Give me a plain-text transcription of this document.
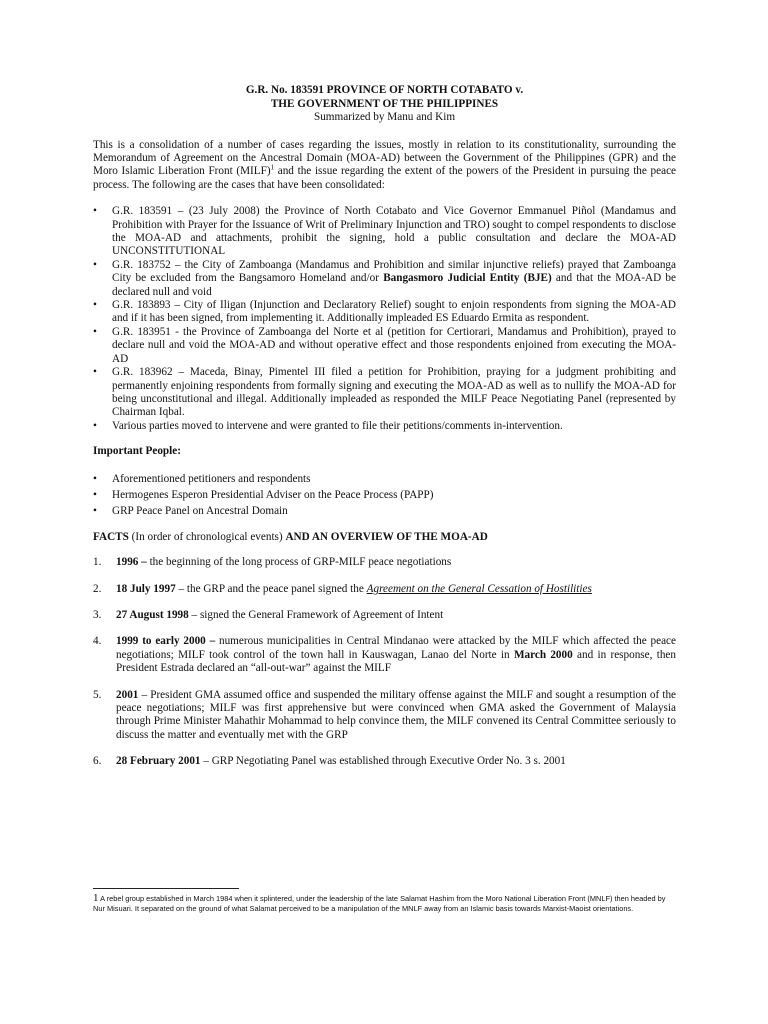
G.R. No. 183591 PROVINCE OF NORTH COTABATO v.
THE GOVERNMENT OF THE PHILIPPINES
Summarized by Manu and Kim

This is a consolidation of a number of cases regarding the issues, mostly in relation to its constitutionality, surrounding the Memorandum of Agreement on the Ancestral Domain (MOA-AD) between the Government of the Philippines (GPR) and the Moro Islamic Liberation Front (MILF)$^1$ and the issue regarding the extent of the powers of the President in pursuing the peace process. The following are the cases that have been consolidated:

• G.R. 183591 – (23 July 2008) the Province of North Cotabato and Vice Governor Emmanuel Piñol (Mandamus and Prohibition with Prayer for the Issuance of Writ of Preliminary Injunction and TRO) sought to compel respondents to disclose the MOA-AD and attachments, prohibit the signing, hold a public consultation and declare the MOA-AD UNCONSTITUTIONAL
• G.R. 183752 – the City of Zamboanga (Mandamus and Prohibition and similar injunctive reliefs) prayed that Zamboanga City be excluded from the Bangsamoro Homeland and/or Bangasmoro Judicial Entity (BJE) and that the MOA-AD be declared null and void
• G.R. 183893 – City of Iligan (Injunction and Declaratory Relief) sought to enjoin respondents from signing the MOA-AD and if it has been signed, from implementing it. Additionally impleaded ES Eduardo Ermita as respondent.
• G.R. 183951 - the Province of Zamboanga del Norte et al (petition for Certiorari, Mandamus and Prohibition), prayed to declare null and void the MOA-AD and without operative effect and those respondents enjoined from executing the MOA-AD
• G.R. 183962 – Maceda, Binay, Pimentel III filed a petition for Prohibition, praying for a judgment prohibiting and permanently enjoining respondents from formally signing and executing the MOA-AD as well as to nullify the MOA-AD for being unconstitutional and illegal. Additionally impleaded as responded the MILF Peace Negotiating Panel (represented by Chairman Iqbal.
• Various parties moved to intervene and were granted to file their petitions/comments in-intervention.
Important People:
• Aforementioned petitioners and respondents
• Hermogenes Esperon Presidential Adviser on the Peace Process (PAPP)
• GRP Peace Panel on Ancestral Domain
FACTS (In order of chronological events) AND AN OVERVIEW OF THE MOA-AD
1. 1996 – the beginning of the long process of GRP-MILF peace negotiations
2. 18 July 1997 – the GRP and the peace panel signed the Agreement on the General Cessation of Hostilities
3. 27 August 1998 – signed the General Framework of Agreement of Intent
4. 1999 to early 2000 – numerous municipalities in Central Mindanao were attacked by the MILF which affected the peace negotiations; MILF took control of the town hall in Kauswagan, Lanao del Norte in March 2000 and in response, then President Estrada declared an “all-out-war” against the MILF
5. 2001 – President GMA assumed office and suspended the military offense against the MILF and sought a resumption of the peace negotiations; MILF was first apprehensive but were convinced when GMA asked the Government of Malaysia through Prime Minister Mahathir Mohammad to help convince them, the MILF convened its Central Committee seriously to discuss the matter and eventually met with the GRP
6. 28 February 2001 – GRP Negotiating Panel was established through Executive Order No. 3 s. 2001
1 A rebel group established in March 1984 when it splintered, under the leadership of the late Salamat Hashim from the Moro National Liberation Front (MNLF) then headed by Nur Misuari. It separated on the ground of what Salamat perceived to be a manipulation of the MNLF away from an Islamic basis towards Marxist-Maoist orientations.
